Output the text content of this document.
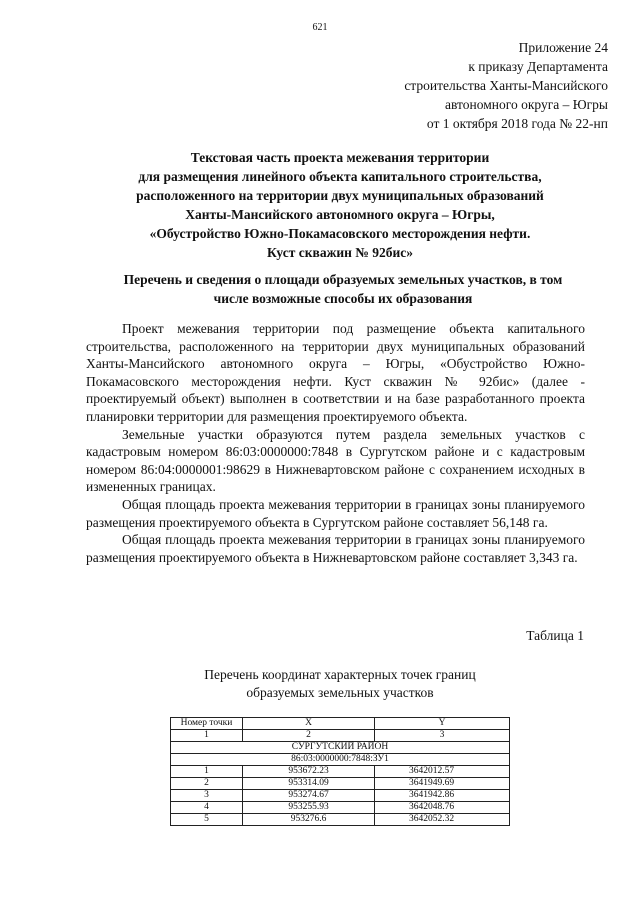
621
Приложение 24
к приказу Департамента
строительства Ханты-Мансийского
автономного округа – Югры
от 1 октября 2018 года № 22-нп
Текстовая часть проекта межевания территории
для размещения линейного объекта капитального строительства,
расположенного на территории двух муниципальных образований
Ханты-Мансийского автономного округа – Югры,
«Обустройство Южно-Покамасовского месторождения нефти.
Куст скважин № 92бис»
Перечень и сведения о площади образуемых земельных участков, в том
числе возможные способы их образования

Проект межевания территории под размещение объекта капитального строительства, расположенного на территории двух муниципальных образований Ханты-Мансийского автономного округа – Югры, «Обустройство Южно-Покамасовского месторождения нефти. Куст скважин № 92бис» (далее - проектируемый объект) выполнен в соответствии и на базе разработанного проекта планировки территории для размещения проектируемого объекта.

Земельные участки образуются путем раздела земельных участков с кадастровым номером 86:03:0000000:7848 в Сургутском районе и с кадастровым номером 86:04:0000001:98629 в Нижневартовском районе с сохранением исходных в измененных границах.

Общая площадь проекта межевания территории в границах зоны планируемого размещения проектируемого объекта в Сургутском районе составляет 56,148 га.

Общая площадь проекта межевания территории в границах зоны планируемого размещения проектируемого объекта в Нижневартовском районе составляет 3,343 га.

Таблица 1
Перечень координат характерных точек границ
образуемых земельных участков
Номер точки	X	Y
1	2	3
СУРГУТСКИЙ РАЙОН		
86:03:0000000:7848:ЗУ1		
1	953672.23	3642012.57
2	953314.09	3641949.69
3	953274.67	3641942.86
4	953255.93	3642048.76
5	953276.6	3642052.32
